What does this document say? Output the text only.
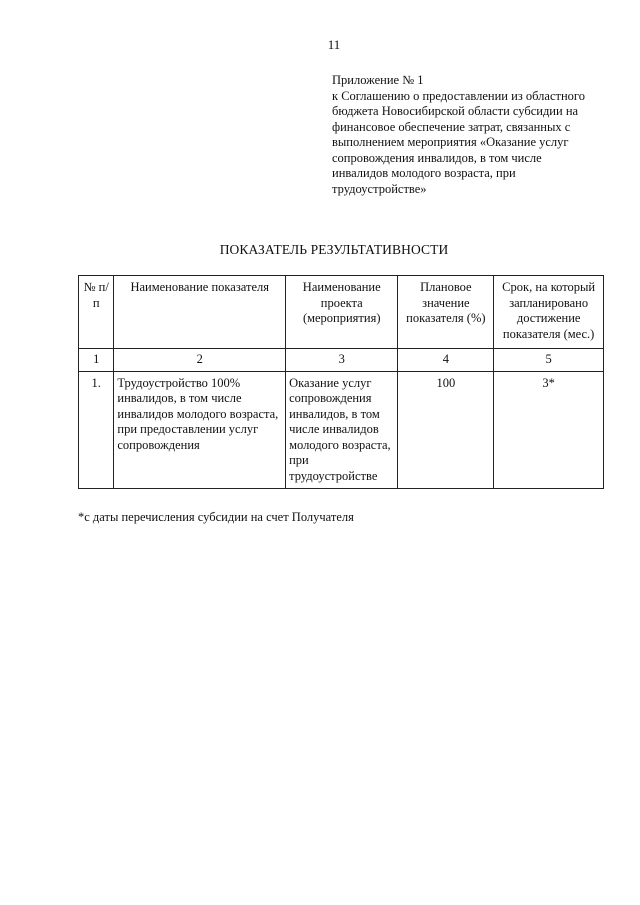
11
Приложение № 1
к Соглашению о предоставлении из областного
бюджета Новосибирской области субсидии на
финансовое обеспечение затрат, связанных с
выполнением мероприятия «Оказание услуг
сопровождения инвалидов, в том числе
инвалидов молодого возраста, при
трудоустройстве»
ПОКАЗАТЕЛЬ РЕЗУЛЬТАТИВНОСТИ
№ п/п	Наименование показателя	Наименование проекта (мероприятия)	Плановое значение показателя (%)	Срок, на который запланировано достижение показателя (мес.)
1	2	3	4	5
1.	Трудоустройство 100% инвалидов, в том числе инвалидов молодого возраста, при предоставлении услуг сопровождения	Оказание услуг сопровождения инвалидов, в том числе инвалидов молодого возраста, при трудоустройстве	100	3*
*с даты перечисления субсидии на счет Получателя
